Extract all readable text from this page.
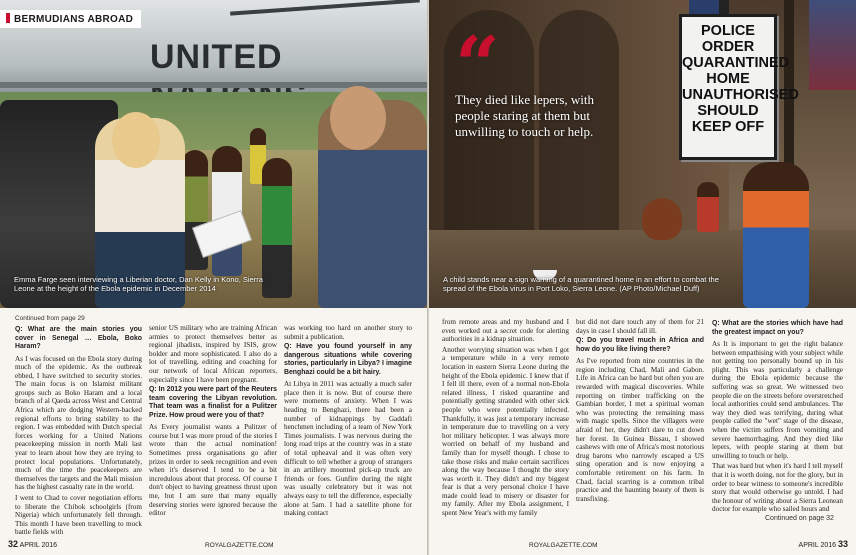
UNITED
Emma Farge seen interviewing a Liberian doctor, Dan Kelly in Kono, Sierra Leone at the height of the Ebola epidemic in December 2014
BERMUDIANS ABROAD
Continued from page 29

Q: What are the main stories you cover in Senegal … Ebola, Boko Haram?

As I was focused on the Ebola story during much of the epidemic. As the outbreak ebbed, I have switched to security stories. The main focus is on Islamist militant groups such as Boko Haram and a local branch of al Qaeda across West and Central Africa which are dodging Western-backed regional efforts to bring stability to the region. I was embedded with Dutch special forces working for a United Nations peacekeeping mission in north Mali last year to learn about how they are trying to protect local populations. Unfortunately, much of the time the peacekeepers are themselves the targets and the Mali mission has the highest casualty rate in the world.

I went to Chad to cover negotiation efforts to liberate the Chibok schoolgirls (from Nigeria) which unfortunately fell through. This month I have been travelling to mock battle fields with

senior US military who are training African armies to protect themselves better as regional jihadists, inspired by ISIS, grow bolder and more sophisticated. I also do a lot of travelling, editing and coaching for our network of local African reporters, especially since I have been pregnant.

Q: In 2012 you were part of the Reuters team covering the Libyan revolution. That team was a finalist for a Pulitzer Prize. How proud were you of that?

As Every journalist wants a Pulitzer of course but I was more proud of the stories I wrote than the actual nomination! Sometimes press organisations go after prizes in order to seek recognition and even when it's deserved I tend to be a bit incredulous about that process. Of course I don't object to having greatness thrust upon me, but I am sure that many equally deserving stories were ignored because the editor

was working too hard on another story to submit a publication.

Q: Have you found yourself in any dangerous situations while covering stories, particularly in Libya? I imagine Benghazi could be a bit hairy.

At Libya in 2011 was actually a much safer place then it is now. But of course there were moments of anxiety. When I was heading to Benghazi, there had been a number of kidnappings by Gaddafi henchmen including of a team of New York Times journalists. I was nervous during the long road trips at the country was in a state of total upheaval and it was often very difficult to tell whether a group of strangers in an artillery mounted pick-up truck are friends or foes. Gunfire during the night was usually celebratory but it was not always easy to tell the difference, especially alone at 5am. I had a satellite phone for making contact

32 APRIL 2016	ROYALGAZETTE.COM
POLICE ORDER
QUARANTINED
HOME
UNAUTHORISED
SHOULD
KEEP OFF
“
They died like lepers, with people staring at them but unwilling to touch or help.
A child stands near a sign warning of a quarantined home in an effort to combat the spread of the Ebola virus in Port Loko, Sierra Leone. (AP Photo/Michael Duff)

from remote areas and my husband and I even worked out a secret code for alerting authorities in a kidnap situation.

Another worrying situation was when I got a temperature while in a very remote location in eastern Sierra Leone during the height of the Ebola epidemic. I knew that if I fell ill there, even of a normal non-Ebola related illness, I risked quarantine and potentially getting stranded with other sick people who were potentially infected. Thankfully, it was just a temporary increase in temperature due to travelling on a very hot military helicopter. I was always more worried on behalf of my husband and family than for myself though. I chose to take those risks and make certain sacrifices along the way because I thought the story was worth it. They didn't and my biggest fear is that a very personal choice I have made could lead to misery or disaster for my family. After my Ebola assignment, I spent New Year's with my family

but did not dare touch any of them for 21 days in case I should fall ill.

Q: Do you travel much in Africa and how do you like living there?

As I've reported from nine countries in the region including Chad, Mali and Gabon. Life in Africa can be hard but often you are rewarded with magical discoveries. While reporting on timber trafficking on the Gambian border, I met a spiritual woman who was protecting the remaining mass with magic spells. Since the villagers were afraid of her, they didn't dare to cut down her forest. In Guinea Bissau, I showed cashews with one of Africa's most notorious drug barons who narrowly escaped a US sting operation and is now enjoying a comfortable retirement on his farm. In Chad, facial scarring is a common tribal practice and the haunting beauty of them is transfixing.

Q: What are the stories which have had the greatest impact on you?

As It is important to get the right balance between empathising with your subject while not getting too personally bound up in his plight. This was particularly a challenge during the Ebola epidemic because the suffering was so great. We witnessed two people die on the streets before overstretched local authorities could send ambulances. The way they died was terrifying, during what people called the "wet" stage of the disease, when the victim suffers from vomiting and severe haemorrhaging. And they died like lepers, with people staring at them but unwilling to touch or help.

That was hard but when it's hard I tell myself that it is worth doing, not for the glory, but in order to bear witness to someone's incredible story that would otherwise go untold. I had the honour of writing about a Sierra Leonean doctor for example who sailed hours and

Continued on page 32
ROYALGAZETTE.COM	APRIL 2016 33
